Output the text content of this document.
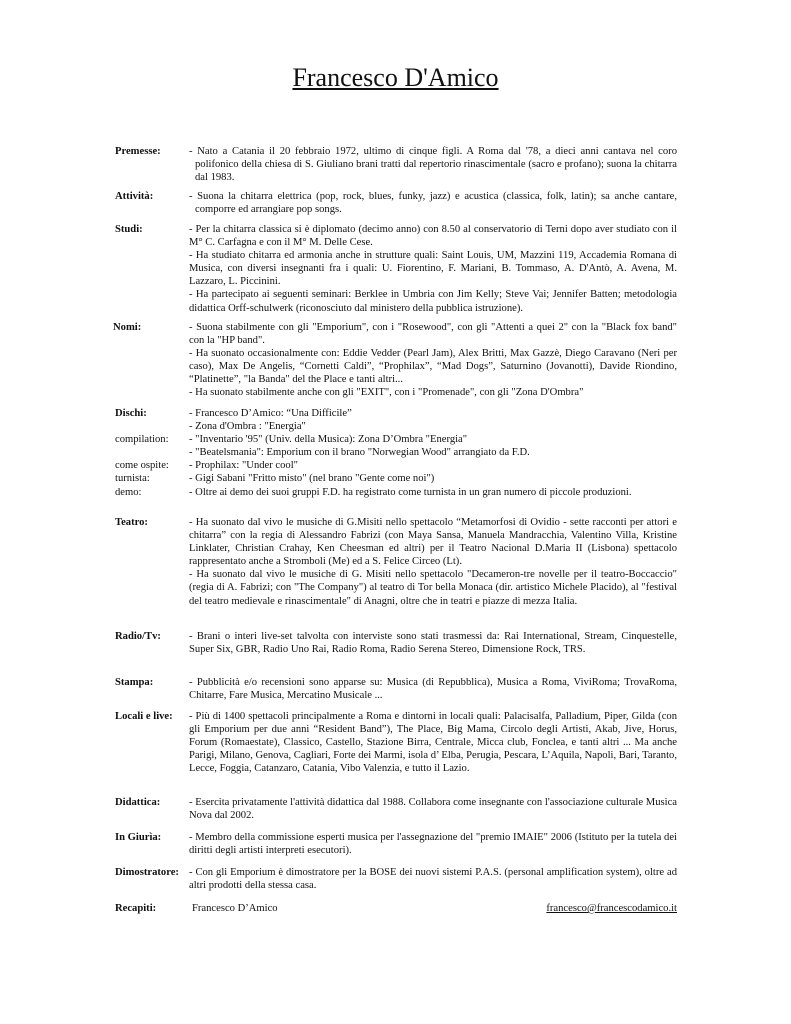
Francesco D'Amico
Premesse:	- Nato a Catania il 20 febbraio 1972, ultimo di cinque figli. A Roma dal '78, a dieci anni cantava nel coro polifonico della chiesa di S. Giuliano brani tratti dal repertorio rinascimentale (sacro e profano); suona la chitarra dal 1983.

Attività:	- Suona la chitarra elettrica (pop, rock, blues, funky, jazz) e acustica (classica, folk, latin); sa anche cantare, comporre ed arrangiare pop songs.

Studi:	- Per la chitarra classica si è diplomato (decimo anno) con 8.50 al conservatorio di Terni dopo aver studiato con il M° C. Carfagna e con il M° M. Delle Cese.

- Ha studiato chitarra ed armonia anche in strutture quali: Saint Louis, UM, Mazzini 119, Accademia Romana di Musica, con diversi insegnanti fra i quali: U. Fiorentino, F. Mariani, B. Tommaso, A. D'Antò, A. Avena, M. Lazzaro, L. Piccinini.

- Ha partecipato ai seguenti seminari: Berklee in Umbria con Jim Kelly; Steve Vai; Jennifer Batten; metodologia didattica Orff-schulwerk (riconosciuto dal ministero della pubblica istruzione).

Nomi:	- Suona stabilmente con gli "Emporium", con i "Rosewood", con gli "Attenti a quei 2" con la "Black fox band" con la "HP band".

- Ha suonato occasionalmente con: Eddie Vedder (Pearl Jam), Alex Britti, Max Gazzè, Diego Caravano (Neri per caso), Max De Angelis, “Cornetti Caldi”, “Prophilax”, “Mad Dogs”, Saturnino (Jovanotti), Davide Riondino, “Platinette”, "la Banda" del the Place e tanti altri...

- Ha suonato stabilmente anche con gli "EXIT", con i "Promenade", con gli "Zona D'Ombra"

Dischi:	- Francesco D’Amico: “Una Difficile”

- Zona d'Ombra : "Energia"

compilation:	- "Inventario '95" (Univ. della Musica): Zona D’Ombra "Energia"

- "Beatelsmania": Emporium con il brano "Norwegian Wood" arrangiato da F.D.

come ospite:	- Prophilax: "Under cool"

turnista:	- Gigi Sabani "Fritto misto" (nel brano "Gente come noi")

demo:	- Oltre ai demo dei suoi gruppi F.D. ha registrato come turnista in un gran numero di piccole produzioni.

Teatro:	- Ha suonato dal vivo le musiche di G.Misiti nello spettacolo “Metamorfosi di Ovidio - sette racconti per attori e chitarra” con la regia di Alessandro Fabrizi (con Maya Sansa, Manuela Mandracchia, Valentino Villa, Kristine Linklater, Christian Crahay, Ken Cheesman ed altri) per il Teatro Nacional D.Maria II (Lisbona) spettacolo rappresentato anche a Stromboli (Me) ed a S. Felice Circeo (Lt).

- Ha suonato dal vivo le musiche di G. Misiti nello spettacolo "Decameron-tre novelle per il teatro-Boccaccio" (regia di A. Fabrizi; con "The Company") al teatro di Tor bella Monaca (dir. artistico Michele Placido), al "festival del teatro medievale e rinascimentale" di Anagni, oltre che in teatri e piazze di mezza Italia.

Radio/Tv:	- Brani o interi live-set talvolta con interviste sono stati trasmessi da: Rai International, Stream, Cinquestelle, Super Six, GBR, Radio Uno Rai, Radio Roma, Radio Serena Stereo, Dimensione Rock, TRS.

Stampa:	- Pubblicità e/o recensioni sono apparse su: Musica (di Repubblica), Musica a Roma, ViviRoma; TrovaRoma, Chitarre, Fare Musica, Mercatino Musicale ...

Locali e live:	- Più di 1400 spettacoli principalmente a Roma e dintorni in locali quali: Palacisalfa, Palladium, Piper, Gilda (con gli Emporium per due anni “Resident Band”), The Place, Big Mama, Circolo degli Artisti, Akab, Jive, Horus, Forum (Romaestate), Classico, Castello, Stazione Birra, Centrale, Micca club, Fonclea, e tanti altri ... Ma anche Parigi, Milano, Genova, Cagliari, Forte dei Marmi, isola d’ Elba, Perugia, Pescara, L’Aquila, Napoli, Bari, Taranto, Lecce, Foggia, Catanzaro, Catania, Vibo Valenzia, e tutto il Lazio.

Didattica:	- Esercita privatamente l'attività didattica dal 1988. Collabora come insegnante con l'associazione culturale Musica Nova dal 2002.

In Giurìa:	- Membro della commissione esperti musica per l'assegnazione del "premio IMAIE" 2006 (Istituto per la tutela dei diritti degli artisti interpreti esecutori).

Dimostratore: - Con gli Emporium è dimostratore per la BOSE dei nuovi sistemi P.A.S. (personal amplification system), oltre ad altri prodotti della stessa casa.

Recapiti:	Francesco D’Amico	francesco@francescodamico.it
